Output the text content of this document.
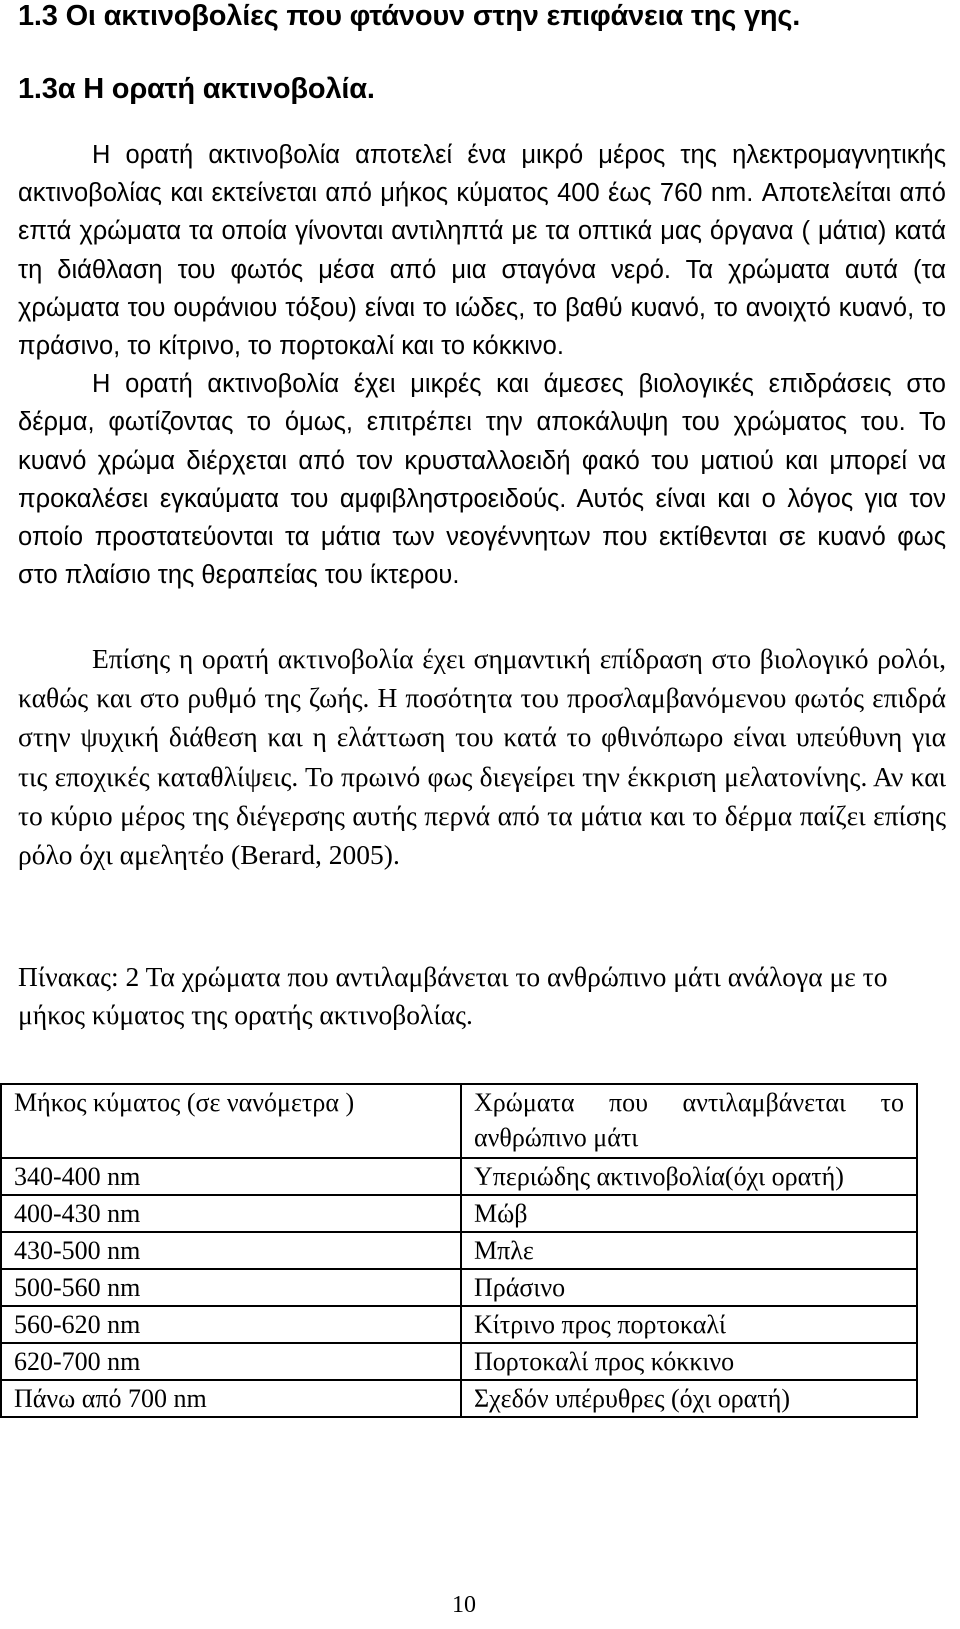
1.3 Οι ακτινοβολίες που φτάνουν στην επιφάνεια της γης.
1.3α Η ορατή ακτινοβολία.

Η ορατή ακτινοβολία αποτελεί ένα μικρό μέρος της ηλεκτρομαγνητικής ακτινοβολίας και εκτείνεται από μήκος κύματος 400 έως 760 nm. Αποτελείται από επτά χρώματα τα οποία γίνονται αντιληπτά με τα οπτικά μας όργανα ( μάτια) κατά τη διάθλαση του φωτός μέσα από μια σταγόνα νερό. Τα χρώματα αυτά (τα χρώματα του ουράνιου τόξου) είναι το ιώδες, το βαθύ κυανό, το ανοιχτό κυανό, το πράσινο, το κίτρινο, το πορτοκαλί και το κόκκινο.

Η ορατή ακτινοβολία έχει μικρές και άμεσες βιολογικές επιδράσεις στο δέρμα, φωτίζοντας το όμως, επιτρέπει την αποκάλυψη του χρώματος του. Το κυανό χρώμα διέρχεται από τον κρυσταλλοειδή φακό του ματιού και μπορεί να προκαλέσει εγκαύματα του αμφιβληστροειδούς. Αυτός είναι και ο λόγος για τον οποίο προστατεύονται τα μάτια των νεογέννητων που εκτίθενται σε κυανό φως στο πλαίσιο της θεραπείας του ίκτερου.

Επίσης η ορατή ακτινοβολία έχει σημαντική επίδραση στο βιολογικό ρολόι, καθώς και στο ρυθμό της ζωής. Η ποσότητα του προσλαμβανόμενου φωτός επιδρά στην ψυχική διάθεση και η ελάττωση του κατά το φθινόπωρο είναι υπεύθυνη για τις εποχικές καταθλίψεις. Το πρωινό φως διεγείρει την έκκριση μελατονίνης. Αν και το κύριο μέρος της διέγερσης αυτής περνά από τα μάτια και το δέρμα παίζει επίσης ρόλο όχι αμελητέο (Berard, 2005).

Πίνακας: 2 Τα χρώματα που αντιλαμβάνεται το ανθρώπινο μάτι ανάλογα με το μήκος κύματος της ορατής ακτινοβολίας.
Μήκος κύματος (σε νανόμετρα )	Χρώματα που αντιλαμβάνεται το ανθρώπινο μάτι
340-400 nm	Υπεριώδης ακτινοβολία(όχι ορατή)
400-430 nm	Μώβ
430-500 nm	Μπλε
500-560 nm	Πράσινο
560-620 nm	Κίτρινο προς πορτοκαλί
620-700 nm	Πορτοκαλί προς κόκκινο
Πάνω από 700 nm	Σχεδόν υπέρυθρες (όχι ορατή)
10
